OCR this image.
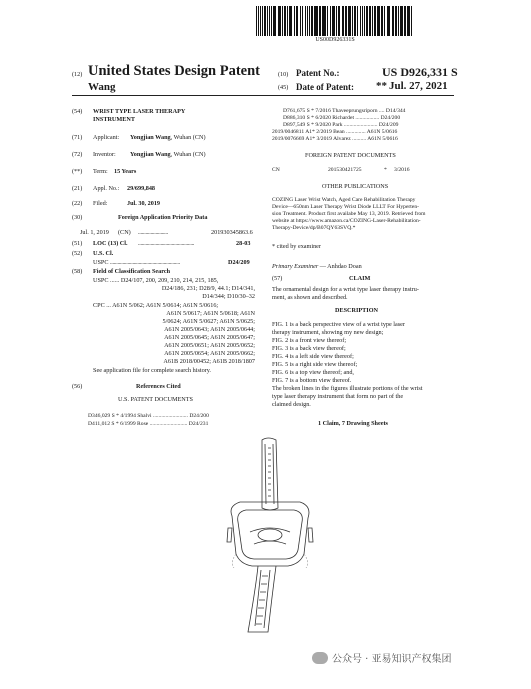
US00D926331S
(12) United States Design Patent	(10) Patent No.:	US D926,331 S
Wang	(45) Date of Patent: ** Jul. 27, 2021
(54) WRIST TYPE LASER THERAPY
INSTRUMENT
(71) Applicant: Yongjian Wang, Wuhan (CN)
(72) Inventor: Yongjian Wang, Wuhan (CN)
(**) Term: 15 Years
(21) Appl. No.: 29/699,848
(22) Filed:	Jul. 30, 2019
(30)	Foreign Application Priority Data
Jul. 1, 2019 (CN) ........................	201930345863.6
(51) LOC (13) Cl. .............................................	28-03
(52) U.S. Cl.
USPC ........................................................	D24/209
(58) Field of Classification Search
USPC ...... D24/107, 200, 209, 210, 214, 215, 185,
D24/186, 231; D28/9, 44.1; D14/341,
D14/344; D10/30–32
CPC ... A61N 5/062; A61N 5/0614; A61N 5/0616;
A61N 5/0617; A61N 5/0618; A61N
5/0624; A61N 5/0627; A61N 5/0625;
A61N 2005/0643; A61N 2005/0644;
A61N 2005/0645; A61N 2005/0647;
A61N 2005/0651; A61N 2005/0652;
A61N 2005/0654; A61N 2005/0662;
A61B 2018/00452; A61B 2018/1807
See application file for complete search history.
(56)	References Cited
U.S. PATENT DOCUMENTS
D346,029 S * 4/1994 Shalvi ......................... D24/200
D411,012 S * 6/1999 Rose ........................... D24/231
D761,675 S * 7/2016 Thaveeprungsriporn .... D14/344
D886,310 S * 6/2020 Richardet ................. D24/200
D897,549 S * 9/2020 Park ........................ D24/209
2019/0046811 A1* 2/2019 Bean .............. A61N 5/0616
2019/0076669 A1* 3/2019 Alvarez .......... A61N 5/0616
FOREIGN PATENT DOCUMENTS
CN	201530421725	* 3/2016
OTHER PUBLICATIONS
COZING Laser Wrist Watch, Aged Care Rehabilitation Therapy
Device—650nm Laser Therapy Wrist Diode LLLT For Hyperten-
sion Treatment. Product first availabe May 13, 2019. Retrieved from
website at https://www.amazon.ca/COZING-Laser-Rehabilitation-
Therapy-Device/dp/B07QY63SVQ.*
* cited by examiner
Primary Examiner — Anhdao Doan
(57)	CLAIM
The ornamental design for a wrist type laser therapy instru-
ment, as shown and described.
DESCRIPTION
FIG. 1 is a back perspective view of a wrist type laser
therapy instrument, showing my new design;
FIG. 2 is a front view thereof;
FIG. 3 is a back view thereof;
FIG. 4 is a left side view thereof;
FIG. 5 is a right side view thereof;
FIG. 6 is a top view thereof; and,
FIG. 7 is a bottom view thereof.
The broken lines in the figures illustrate portions of the wrist
type laser therapy instrument that form no part of the
claimed design.
1 Claim, 7 Drawing Sheets
公众号 · 亚易知识产权集团
